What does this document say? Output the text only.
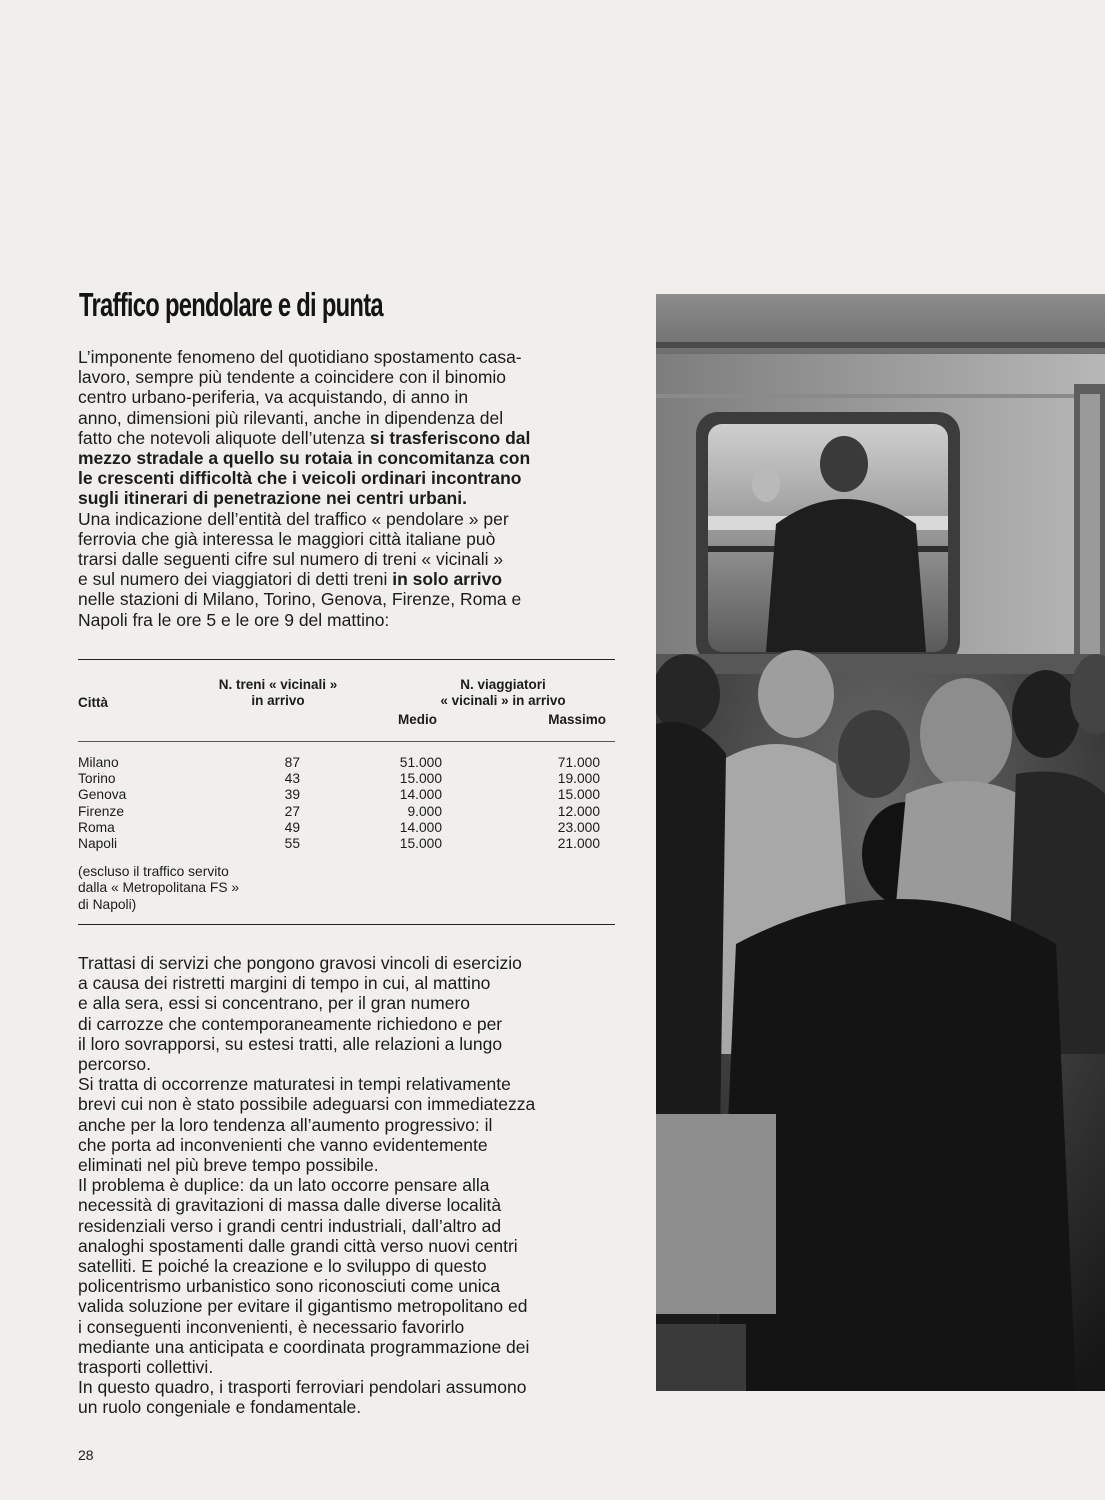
Traffico pendolare e di punta
L’imponente fenomeno del quotidiano spostamento casa-
lavoro, sempre più tendente a coincidere con il binomio
centro urbano-periferia, va acquistando, di anno in
anno, dimensioni più rilevanti, anche in dipendenza del
fatto che notevoli aliquote dell’utenza si trasferiscono dal
mezzo stradale a quello su rotaia in concomitanza con
le crescenti difficoltà che i veicoli ordinari incontrano
sugli itinerari di penetrazione nei centri urbani.
Una indicazione dell’entità del traffico « pendolare » per
ferrovia che già interessa le maggiori città italiane può
trarsi dalle seguenti cifre sul numero di treni « vicinali »
e sul numero dei viaggiatori di detti treni in solo arrivo
nelle stazioni di Milano, Torino, Genova, Firenze, Roma e
Napoli fra le ore 5 e le ore 9 del mattino:
Città
N. treni « vicinali »
in arrivo
N. viaggiatori
« vicinali » in arrivo
Medio	Massimo
Milano	87	51.000	71.000
Torino	43	15.000	19.000
Genova	39	14.000	15.000
Firenze	27	9.000	12.000
Roma	49	14.000	23.000
Napoli	55	15.000	21.000
(escluso il traffico servito
dalla « Metropolitana FS »
di Napoli)
Trattasi di servizi che pongono gravosi vincoli di esercizio
a causa dei ristretti margini di tempo in cui, al mattino
e alla sera, essi si concentrano, per il gran numero
di carrozze che contemporaneamente richiedono e per
il loro sovrapporsi, su estesi tratti, alle relazioni a lungo
percorso.
Si tratta di occorrenze maturatesi in tempi relativamente
brevi cui non è stato possibile adeguarsi con immediatezza
anche per la loro tendenza all’aumento progressivo: il
che porta ad inconvenienti che vanno evidentemente
eliminati nel più breve tempo possibile.
Il problema è duplice: da un lato occorre pensare alla
necessità di gravitazioni di massa dalle diverse località
residenziali verso i grandi centri industriali, dall’altro ad
analoghi spostamenti dalle grandi città verso nuovi centri
satelliti. E poiché la creazione e lo sviluppo di questo
policentrismo urbanistico sono riconosciuti come unica
valida soluzione per evitare il gigantismo metropolitano ed
i conseguenti inconvenienti, è necessario favorirlo
mediante una anticipata e coordinata programmazione dei
trasporti collettivi.
In questo quadro, i trasporti ferroviari pendolari assumono
un ruolo congeniale e fondamentale.
28
